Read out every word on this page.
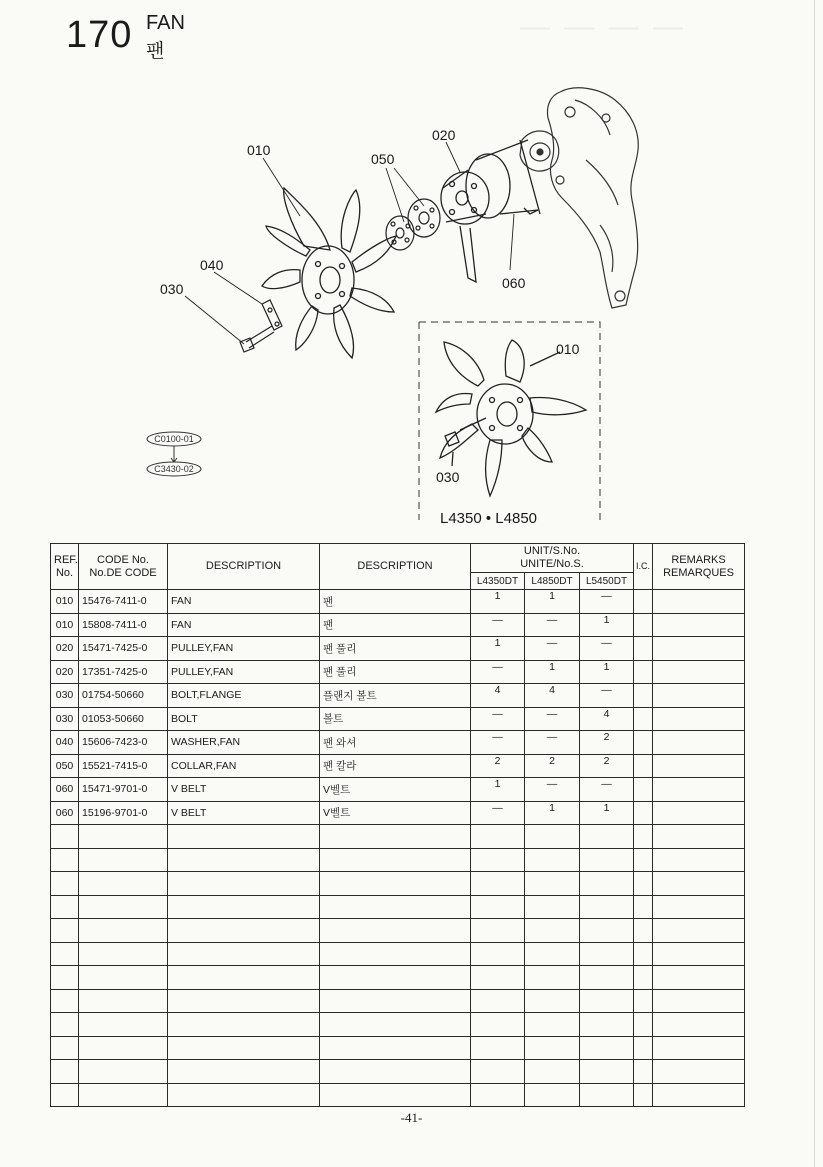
— — — —
170 FAN
팬
010
020
050
040
030	060
C0100-01
C3430-02
010
030
L4350 • L4850
REF.
No.	CODE No.
No.DE CODE	DESCRIPTION	DESCRIPTION	UNIT/S.No.
UNITE/No.S.			I.C.	REMARKS
REMARQUES
				L4350DT	L4850DT	L5450DT		
010	15476-7411-0	FAN	팬	1	1	—		
010	15808-7411-0	FAN	팬	—	—	1		
020	15471-7425-0	PULLEY,FAN	팬 풀리	1	—	—		
020	17351-7425-0	PULLEY,FAN	팬 풀리	—	1	1		
030	01754-50660	BOLT,FLANGE	플랜지 볼트	4	4	—		
030	01053-50660	BOLT	볼트	—	—	4		
040	15606-7423-0	WASHER,FAN	팬 와셔	—	—	2		
050	15521-7415-0	COLLAR,FAN	팬 칼라	2	2	2		
060	15471-9701-0	V BELT	V벨트	1	—	—		
060	15196-9701-0	V BELT	V벨트	—	1	1		

-41-
